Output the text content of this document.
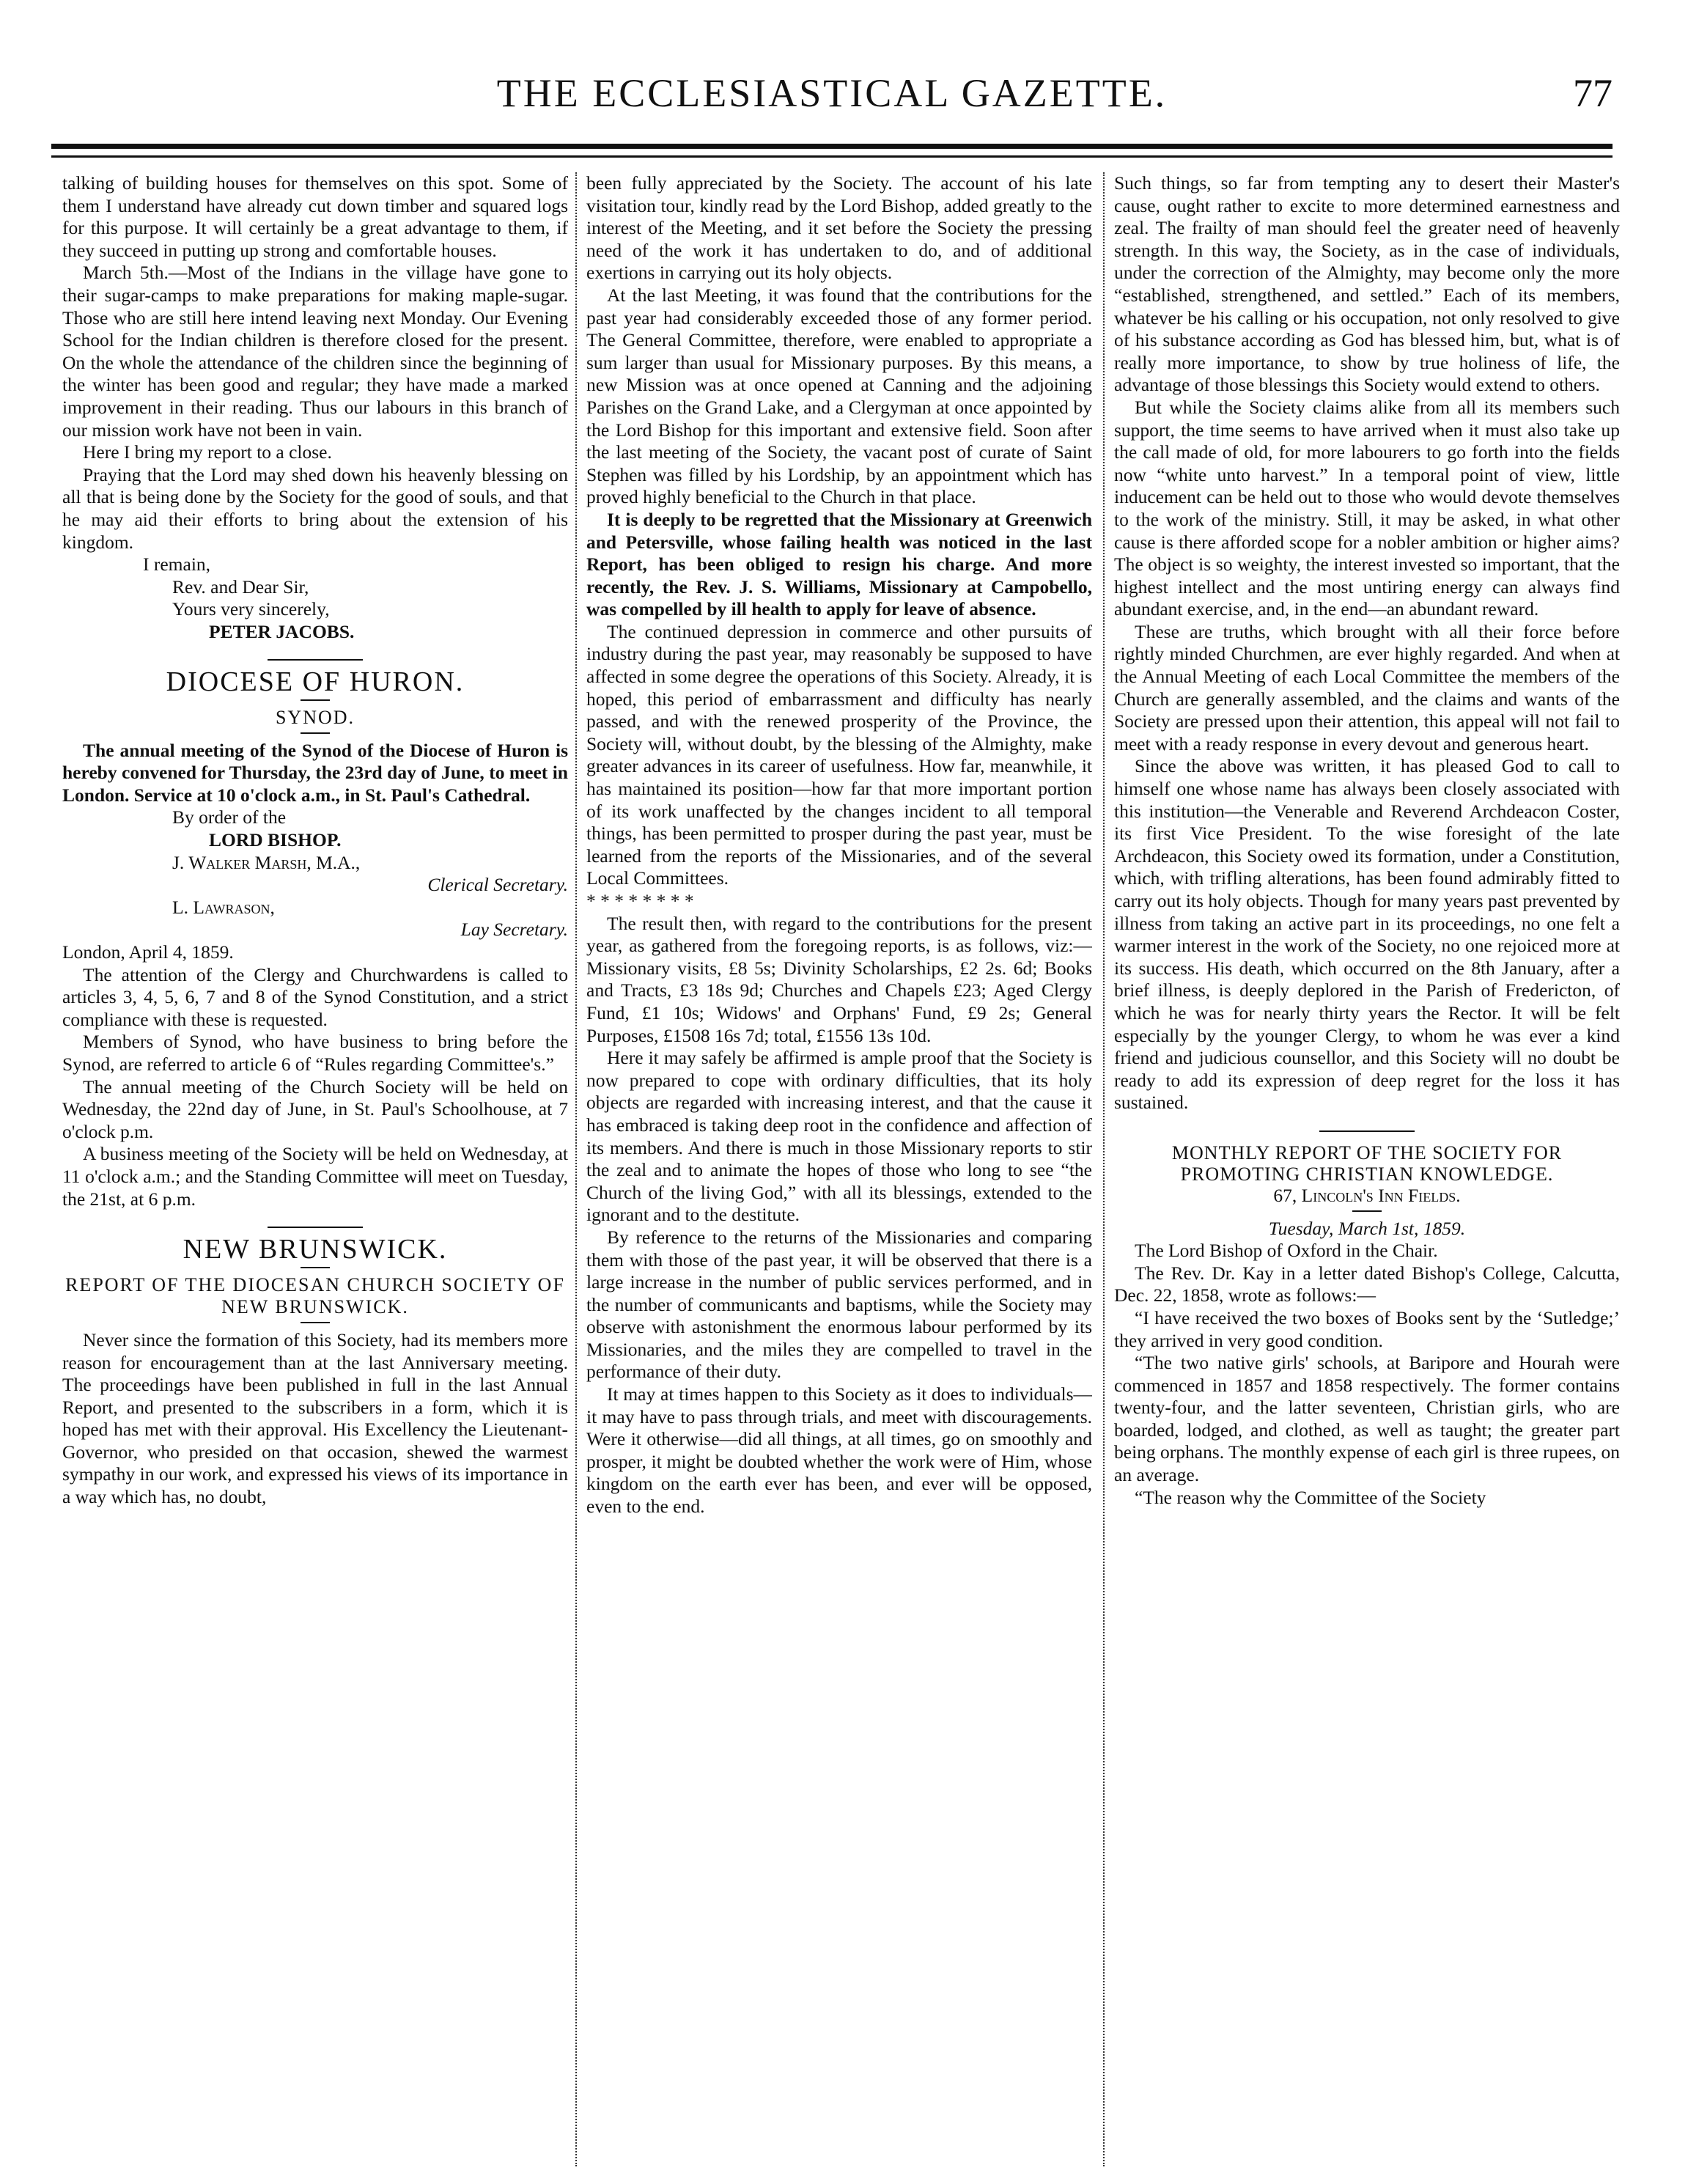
THE ECCLESIASTICAL GAZETTE.	77

talking of building houses for themselves on this spot. Some of them I understand have already cut down timber and squared logs for this purpose. It will certainly be a great advantage to them, if they succeed in putting up strong and comfortable houses.

March 5th.—Most of the Indians in the village have gone to their sugar-camps to make preparations for making maple-sugar. Those who are still here intend leaving next Monday. Our Evening School for the Indian children is therefore closed for the present. On the whole the attendance of the children since the beginning of the winter has been good and regular; they have made a marked improvement in their reading. Thus our labours in this branch of our mission work have not been in vain.

Here I bring my report to a close.

Praying that the Lord may shed down his heavenly blessing on all that is being done by the Society for the good of souls, and that he may aid their efforts to bring about the extension of his kingdom.

I remain,

Rev. and Dear Sir,

Yours very sincerely,

PETER JACOBS.

DIOCESE OF HURON.

SYNOD.

The annual meeting of the Synod of the Diocese of Huron is hereby convened for Thursday, the 23rd day of June, to meet in London. Service at 10 o'clock a.m., in St. Paul's Cathedral.

By order of the

LORD BISHOP.

J. Walker Marsh, M.A.,

Clerical Secretary.

L. Lawrason,

Lay Secretary.

London, April 4, 1859.

The attention of the Clergy and Churchwardens is called to articles 3, 4, 5, 6, 7 and 8 of the Synod Constitution, and a strict compliance with these is requested.

Members of Synod, who have business to bring before the Synod, are referred to article 6 of “Rules regarding Committee's.”

The annual meeting of the Church Society will be held on Wednesday, the 22nd day of June, in St. Paul's Schoolhouse, at 7 o'clock p.m.

A business meeting of the Society will be held on Wednesday, at 11 o'clock a.m.; and the Standing Committee will meet on Tuesday, the 21st, at 6 p.m.

NEW BRUNSWICK.

REPORT OF THE DIOCESAN CHURCH SOCIETY OF NEW BRUNSWICK.

Never since the formation of this Society, had its members more reason for encouragement than at the last Anniversary meeting. The proceedings have been published in full in the last Annual Report, and presented to the subscribers in a form, which it is hoped has met with their approval. His Excellency the Lieutenant-Governor, who presided on that occasion, shewed the warmest sympathy in our work, and expressed his views of its importance in a way which has, no doubt,

been fully appreciated by the Society. The account of his late visitation tour, kindly read by the Lord Bishop, added greatly to the interest of the Meeting, and it set before the Society the pressing need of the work it has undertaken to do, and of additional exertions in carrying out its holy objects.

At the last Meeting, it was found that the contributions for the past year had considerably exceeded those of any former period. The General Committee, therefore, were enabled to appropriate a sum larger than usual for Missionary purposes. By this means, a new Mission was at once opened at Canning and the adjoining Parishes on the Grand Lake, and a Clergyman at once appointed by the Lord Bishop for this important and extensive field. Soon after the last meeting of the Society, the vacant post of curate of Saint Stephen was filled by his Lordship, by an appointment which has proved highly beneficial to the Church in that place.

It is deeply to be regretted that the Missionary at Greenwich and Petersville, whose failing health was noticed in the last Report, has been obliged to resign his charge. And more recently, the Rev. J. S. Williams, Missionary at Campobello, was compelled by ill health to apply for leave of absence.

The continued depression in commerce and other pursuits of industry during the past year, may reasonably be supposed to have affected in some degree the operations of this Society. Already, it is hoped, this period of embarrassment and difficulty has nearly passed, and with the renewed prosperity of the Province, the Society will, without doubt, by the blessing of the Almighty, make greater advances in its career of usefulness. How far, meanwhile, it has maintained its position—how far that more important portion of its work unaffected by the changes incident to all temporal things, has been permitted to prosper during the past year, must be learned from the reports of the Missionaries, and of the several Local Committees.

* * * * * * * *

The result then, with regard to the contributions for the present year, as gathered from the foregoing reports, is as follows, viz:—Missionary visits, £8 5s; Divinity Scholarships, £2 2s. 6d; Books and Tracts, £3 18s 9d; Churches and Chapels £23; Aged Clergy Fund, £1 10s; Widows' and Orphans' Fund, £9 2s; General Purposes, £1508 16s 7d; total, £1556 13s 10d.

Here it may safely be affirmed is ample proof that the Society is now prepared to cope with ordinary difficulties, that its holy objects are regarded with increasing interest, and that the cause it has embraced is taking deep root in the confidence and affection of its members. And there is much in those Missionary reports to stir the zeal and to animate the hopes of those who long to see “the Church of the living God,” with all its blessings, extended to the ignorant and to the destitute.

By reference to the returns of the Missionaries and comparing them with those of the past year, it will be observed that there is a large increase in the number of public services performed, and in the number of communicants and baptisms, while the Society may observe with astonishment the enormous labour performed by its Missionaries, and the miles they are compelled to travel in the performance of their duty.

It may at times happen to this Society as it does to individuals—it may have to pass through trials, and meet with discouragements. Were it otherwise—did all things, at all times, go on smoothly and prosper, it might be doubted whether the work were of Him, whose kingdom on the earth ever has been, and ever will be opposed, even to the end.

Such things, so far from tempting any to desert their Master's cause, ought rather to excite to more determined earnestness and zeal. The frailty of man should feel the greater need of heavenly strength. In this way, the Society, as in the case of individuals, under the correction of the Almighty, may become only the more “established, strengthened, and settled.” Each of its members, whatever be his calling or his occupation, not only resolved to give of his substance according as God has blessed him, but, what is of really more importance, to show by true holiness of life, the advantage of those blessings this Society would extend to others.

But while the Society claims alike from all its members such support, the time seems to have arrived when it must also take up the call made of old, for more labourers to go forth into the fields now “white unto harvest.” In a temporal point of view, little inducement can be held out to those who would devote themselves to the work of the ministry. Still, it may be asked, in what other cause is there afforded scope for a nobler ambition or higher aims? The object is so weighty, the interest invested so important, that the highest intellect and the most untiring energy can always find abundant exercise, and, in the end—an abundant reward.

These are truths, which brought with all their force before rightly minded Churchmen, are ever highly regarded. And when at the Annual Meeting of each Local Committee the members of the Church are generally assembled, and the claims and wants of the Society are pressed upon their attention, this appeal will not fail to meet with a ready response in every devout and generous heart.

Since the above was written, it has pleased God to call to himself one whose name has always been closely associated with this institution—the Venerable and Reverend Archdeacon Coster, its first Vice President. To the wise foresight of the late Archdeacon, this Society owed its formation, under a Constitution, which, with trifling alterations, has been found admirably fitted to carry out its holy objects. Though for many years past prevented by illness from taking an active part in its proceedings, no one felt a warmer interest in the work of the Society, no one rejoiced more at its success. His death, which occurred on the 8th January, after a brief illness, is deeply deplored in the Parish of Fredericton, of which he was for nearly thirty years the Rector. It will be felt especially by the younger Clergy, to whom he was ever a kind friend and judicious counsellor, and this Society will no doubt be ready to add its expression of deep regret for the loss it has sustained.

MONTHLY REPORT OF THE SOCIETY FOR PROMOTING CHRISTIAN KNOWLEDGE.

67, Lincoln's Inn Fields.

Tuesday, March 1st, 1859.

The Lord Bishop of Oxford in the Chair.

The Rev. Dr. Kay in a letter dated Bishop's College, Calcutta, Dec. 22, 1858, wrote as follows:—

“I have received the two boxes of Books sent by the ‘Sutledge;’ they arrived in very good condition.

“The two native girls' schools, at Baripore and Hourah were commenced in 1857 and 1858 respectively. The former contains twenty-four, and the latter seventeen, Christian girls, who are boarded, lodged, and clothed, as well as taught; the greater part being orphans. The monthly expense of each girl is three rupees, on an average.

“The reason why the Committee of the Society
